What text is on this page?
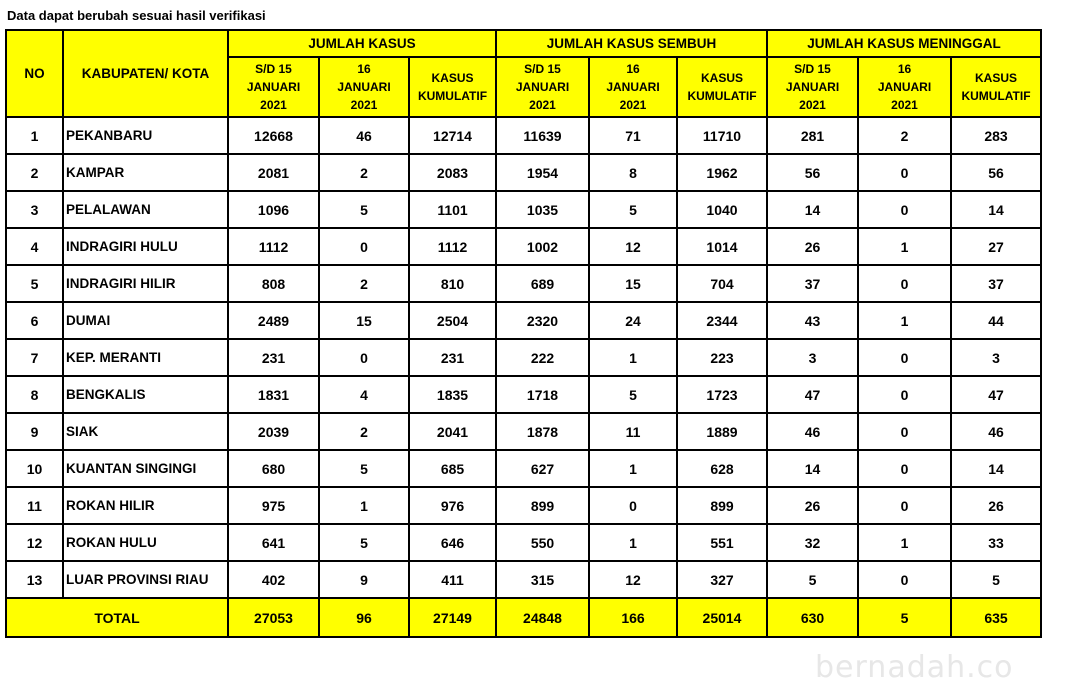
Data dapat berubah sesuai hasil verifikasi
NO	KABUPATEN/ KOTA	JUMLAH KASUS			JUMLAH KASUS SEMBUH			JUMLAH KASUS MENINGGAL		

		S/D 15
JANUARI
2021	16
JANUARI
2021	KASUS
KUMULATIF	S/D 15
JANUARI
2021	16
JANUARI
2021	KASUS
KUMULATIF	S/D 15
JANUARI
2021	16
JANUARI
2021	KASUS
KUMULATIF

1	PEKANBARU	12668	46	12714	11639	71	11710	281	2	283
2	KAMPAR	2081	2	2083	1954	8	1962	56	0	56
3	PELALAWAN	1096	5	1101	1035	5	1040	14	0	14
4	INDRAGIRI HULU	1112	0	1112	1002	12	1014	26	1	27
5	INDRAGIRI HILIR	808	2	810	689	15	704	37	0	37
6	DUMAI	2489	15	2504	2320	24	2344	43	1	44
7	KEP. MERANTI	231	0	231	222	1	223	3	0	3
8	BENGKALIS	1831	4	1835	1718	5	1723	47	0	47
9	SIAK	2039	2	2041	1878	11	1889	46	0	46
10	KUANTAN SINGINGI	680	5	685	627	1	628	14	0	14
11	ROKAN HILIR	975	1	976	899	0	899	26	0	26
12	ROKAN HULU	641	5	646	550	1	551	32	1	33
13	LUAR PROVINSI RIAU	402	9	411	315	12	327	5	0	5
TOTAL		27053	96	27149	24848	166	25014	630	5	635
bernadah.co
